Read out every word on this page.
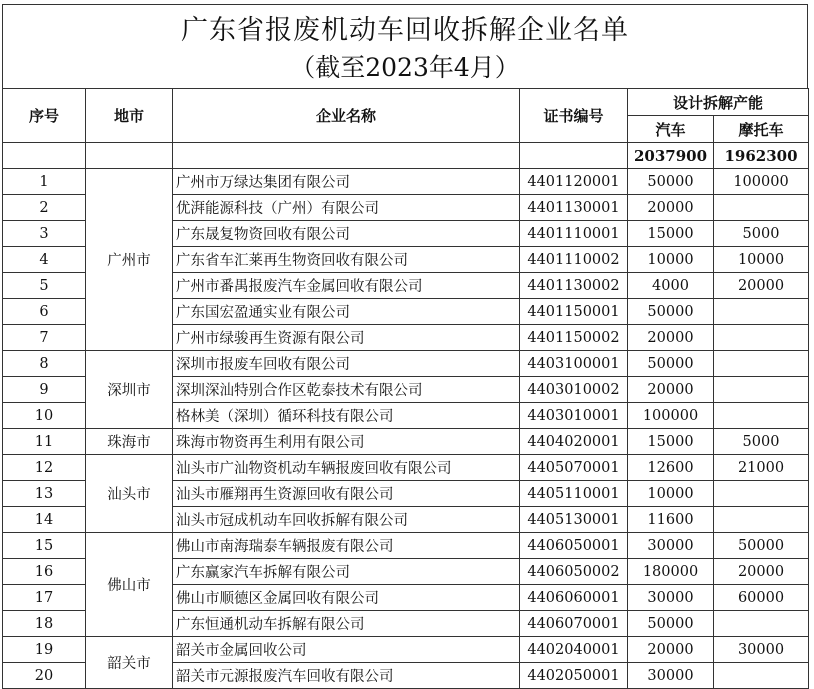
广东省报废机动车回收拆解企业名单
（截至2023年4月）
序号	地市	企业名称	证书编号	设计拆解产能	
				汽车	摩托车
				2037900	1962300
1	广州市	广州市万绿达集团有限公司	4401120001	50000	100000
2		优湃能源科技（广州）有限公司	4401130001	20000	
3		广东晟复物资回收有限公司	4401110001	15000	5000
4		广东省车汇莱再生物资回收有限公司	4401110002	10000	10000
5		广州市番禺报废汽车金属回收有限公司	4401130002	4000	20000
6		广东国宏盈通实业有限公司	4401150001	50000	
7		广州市绿骏再生资源有限公司	4401150002	20000	
8	深圳市	深圳市报废车回收有限公司	4403100001	50000	
9		深圳深汕特别合作区乾泰技术有限公司	4403010002	20000	
10		格林美（深圳）循环科技有限公司	4403010001	100000	
11	珠海市	珠海市物资再生利用有限公司	4404020001	15000	5000
12	汕头市	汕头市广汕物资机动车辆报废回收有限公司	4405070001	12600	21000
13		汕头市雁翔再生资源回收有限公司	4405110001	10000	
14		汕头市冠成机动车回收拆解有限公司	4405130001	11600	
15	佛山市	佛山市南海瑞泰车辆报废有限公司	4406050001	30000	50000
16		广东赢家汽车拆解有限公司	4406050002	180000	20000
17		佛山市顺德区金属回收有限公司	4406060001	30000	60000
18		广东恒通机动车拆解有限公司	4406070001	50000	
19	韶关市	韶关市金属回收公司	4402040001	20000	30000
20		韶关市元源报废汽车回收有限公司	4402050001	30000	
